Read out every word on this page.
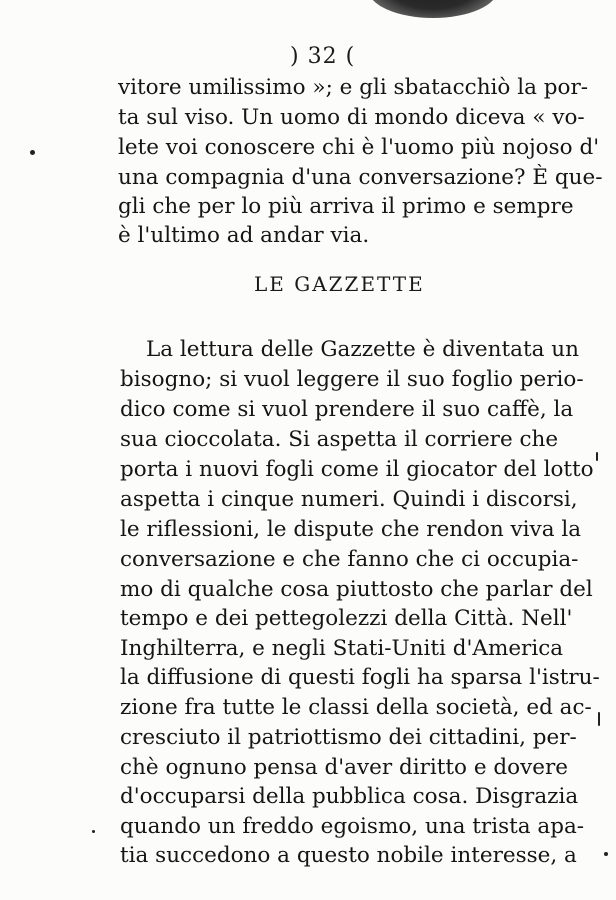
) 32 (
vitore umilissimo »; e gli sbatacchiò la por-
ta sul viso. Un uomo di mondo diceva « vo-
lete voi conoscere chi è l'uomo più nojoso d'
una compagnia d'una conversazione? È que-
gli che per lo più arriva il primo e sempre
è l'ultimo ad andar via.
LE GAZZETTE
La lettura delle Gazzette è diventata un
bisogno; si vuol leggere il suo foglio perio-
dico come si vuol prendere il suo caffè, la
sua cioccolata. Si aspetta il corriere che
porta i nuovi fogli come il giocator del lotto
aspetta i cinque numeri. Quindi i discorsi,
le riflessioni, le dispute che rendon viva la
conversazione e che fanno che ci occupia-
mo di qualche cosa piuttosto che parlar del
tempo e dei pettegolezzi della Città. Nell'
Inghilterra, e negli Stati-Uniti d'America
la diffusione di questi fogli ha sparsa l'istru-
zione fra tutte le classi della società, ed ac-
cresciuto il patriottismo dei cittadini, per-
chè ognuno pensa d'aver diritto e dovere
d'occuparsi della pubblica cosa. Disgrazia
quando un freddo egoismo, una trista apa-
tia succedono a questo nobile interesse, a
